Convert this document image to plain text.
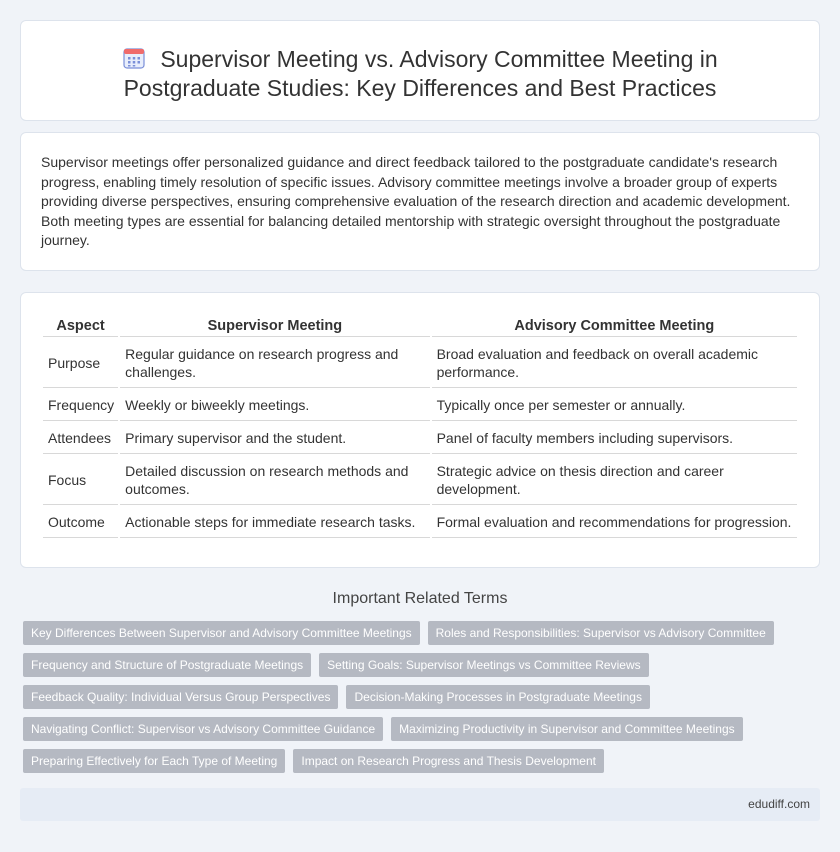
Supervisor Meeting vs. Advisory Committee Meeting in
Postgraduate Studies: Key Differences and Best Practices

Supervisor meetings offer personalized guidance and direct feedback tailored to the postgraduate candidate's research progress, enabling timely resolution of specific issues. Advisory committee meetings involve a broader group of experts providing diverse perspectives, ensuring comprehensive evaluation of the research direction and academic development. Both meeting types are essential for balancing detailed mentorship with strategic oversight throughout the postgraduate journey.

Aspect	Supervisor Meeting	Advisory Committee Meeting
Purpose	Regular guidance on research progress and challenges.	Broad evaluation and feedback on overall academic performance.
Frequency	Weekly or biweekly meetings.	Typically once per semester or annually.
Attendees	Primary supervisor and the student.	Panel of faculty members including supervisors.
Focus	Detailed discussion on research methods and outcomes.	Strategic advice on thesis direction and career development.
Outcome	Actionable steps for immediate research tasks.	Formal evaluation and recommendations for progression.
Important Related Terms
Key Differences Between Supervisor and Advisory Committee Meetings	Roles and Responsibilities: Supervisor vs Advisory Committee
Frequency and Structure of Postgraduate Meetings	Setting Goals: Supervisor Meetings vs Committee Reviews
Feedback Quality: Individual Versus Group Perspectives	Decision-Making Processes in Postgraduate Meetings
Navigating Conflict: Supervisor vs Advisory Committee Guidance	Maximizing Productivity in Supervisor and Committee Meetings
Preparing Effectively for Each Type of Meeting	Impact on Research Progress and Thesis Development
edudiff.com
